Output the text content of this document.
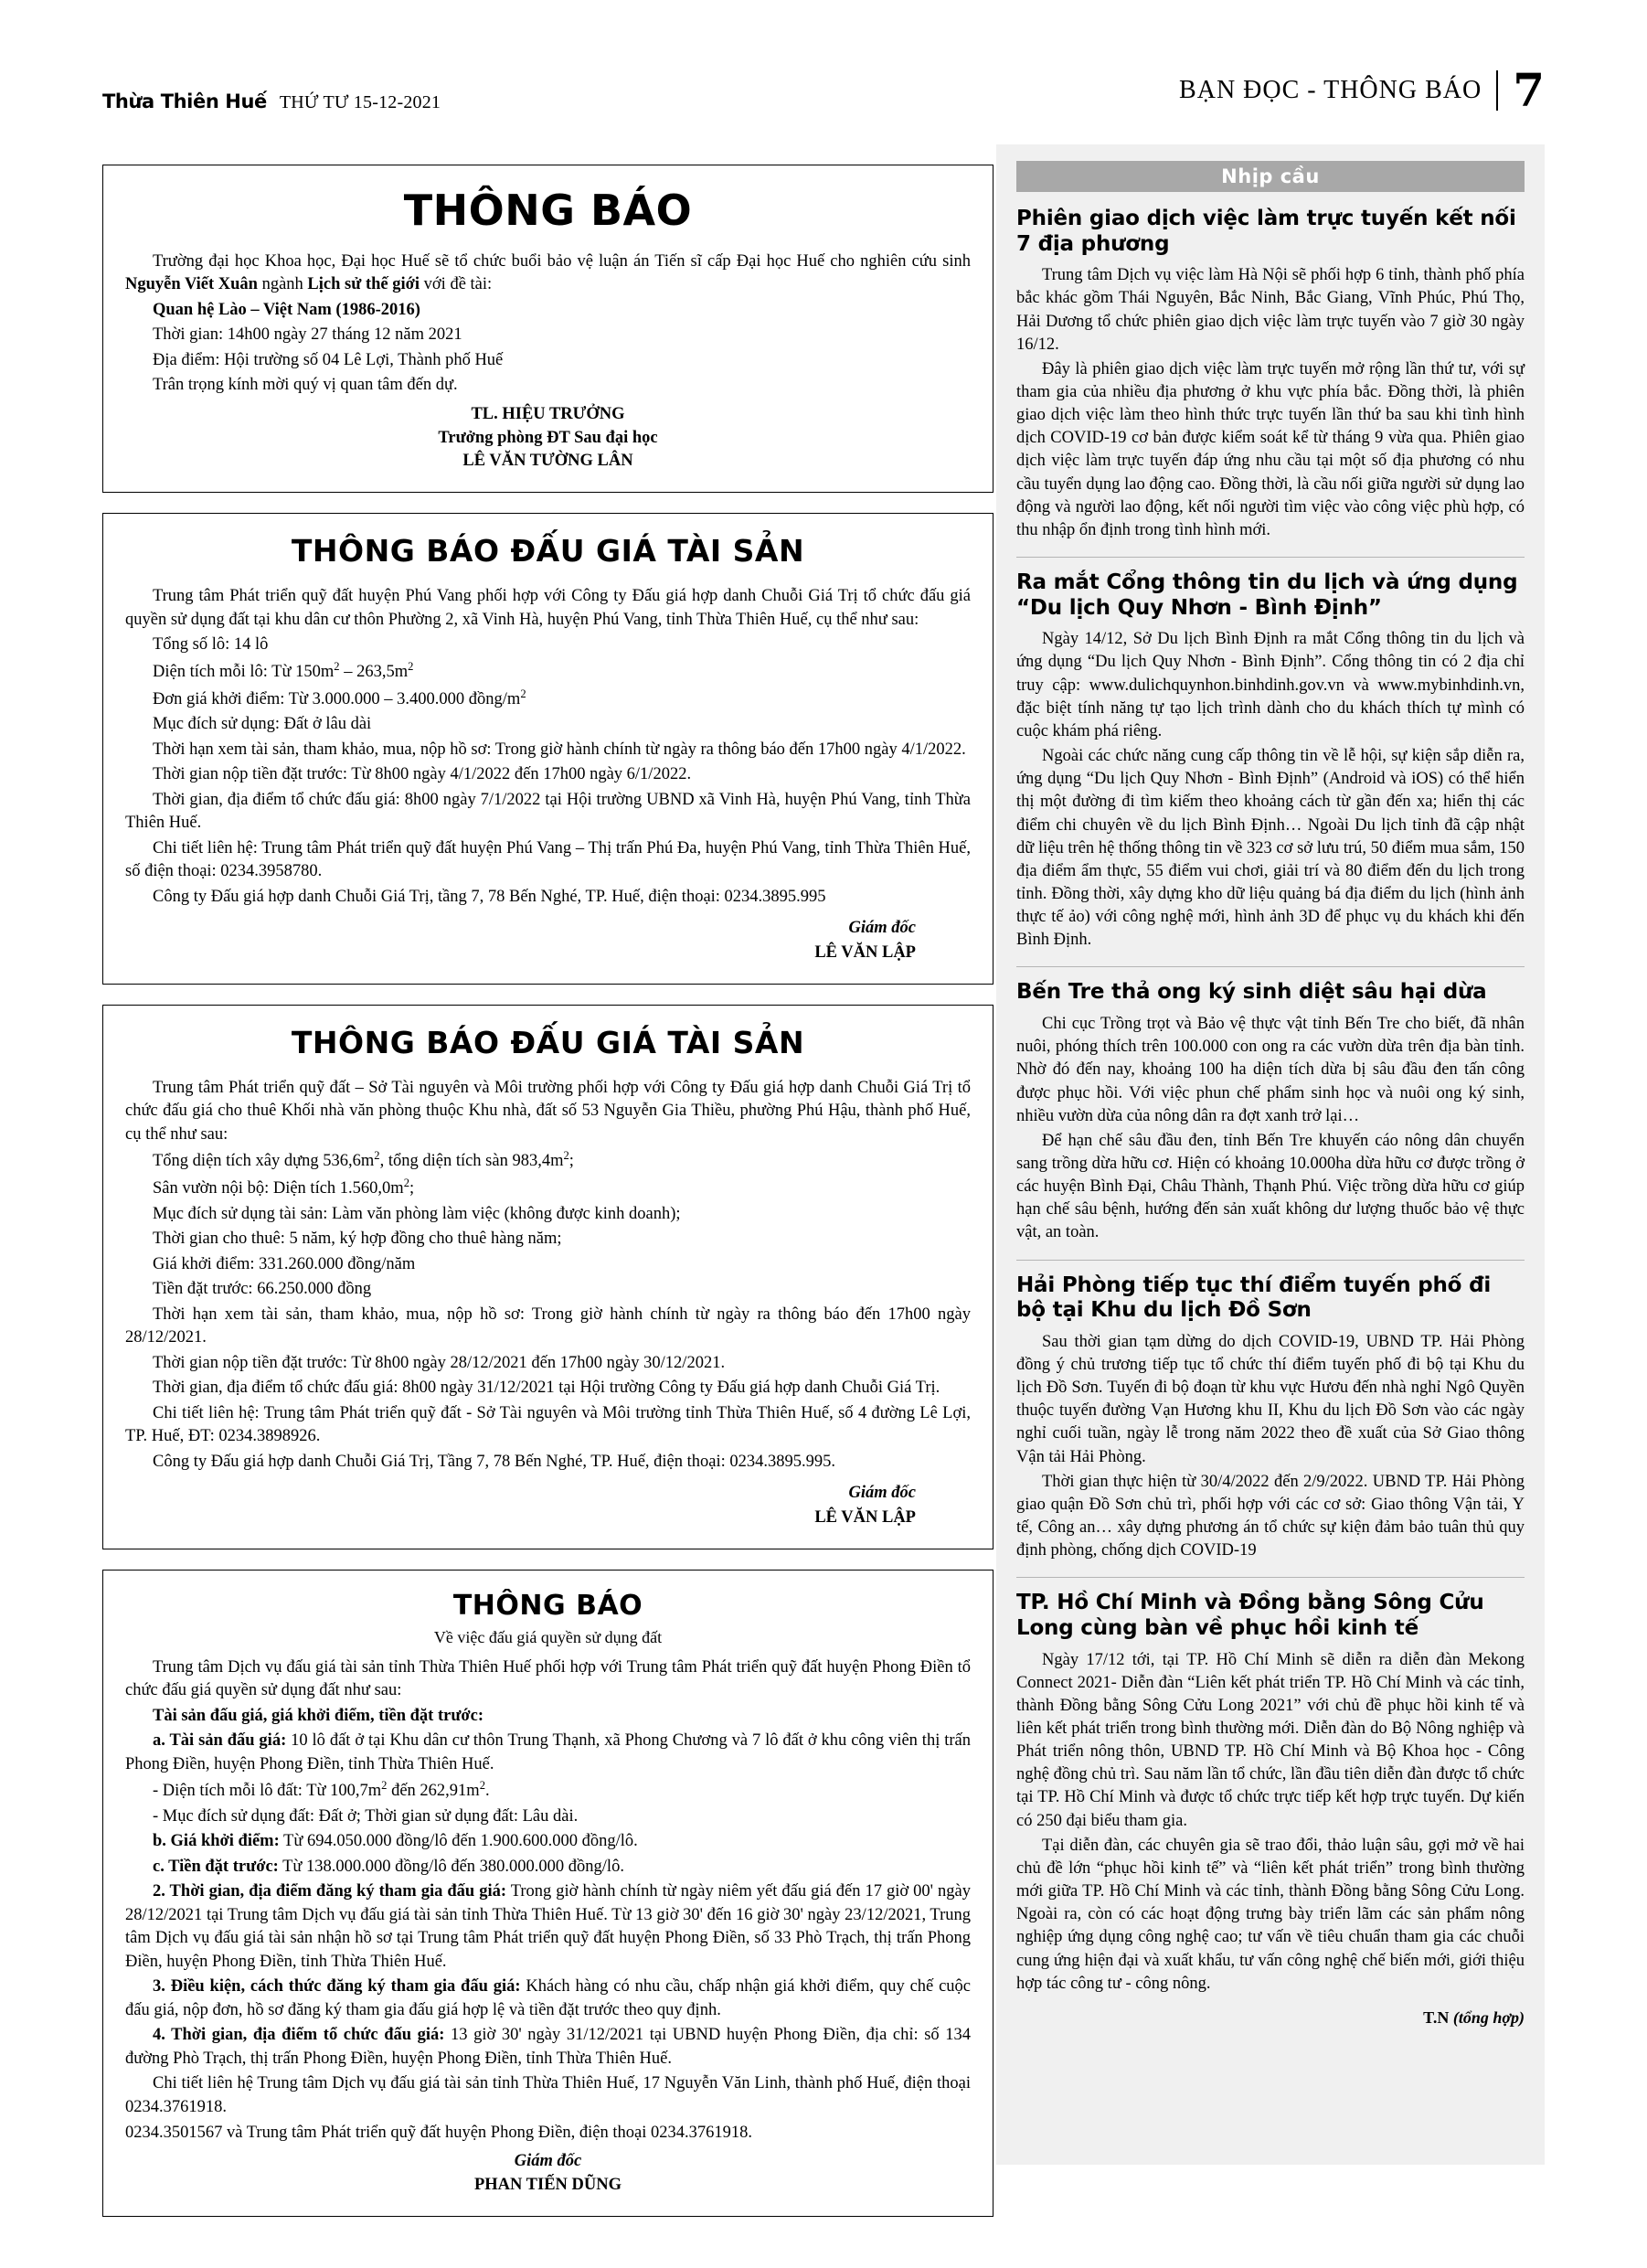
Thừa Thiên Huế THỨ TƯ 15-12-2021	BẠN ĐỌC - THÔNG BÁO 7
THÔNG BÁO

Trường đại học Khoa học, Đại học Huế sẽ tổ chức buổi bảo vệ luận án Tiến sĩ cấp Đại học Huế cho nghiên cứu sinh Nguyễn Viết Xuân ngành Lịch sử thế giới với đề tài:

Quan hệ Lào – Việt Nam (1986-2016)

Thời gian: 14h00 ngày 27 tháng 12 năm 2021

Địa điểm: Hội trường số 04 Lê Lợi, Thành phố Huế

Trân trọng kính mời quý vị quan tâm đến dự.

TL. HIỆU TRƯỞNG
Trưởng phòng ĐT Sau đại học
LÊ VĂN TƯỜNG LÂN
THÔNG BÁO ĐẤU GIÁ TÀI SẢN

Trung tâm Phát triển quỹ đất huyện Phú Vang phối hợp với Công ty Đấu giá hợp danh Chuỗi Giá Trị tổ chức đấu giá quyền sử dụng đất tại khu dân cư thôn Phường 2, xã Vinh Hà, huyện Phú Vang, tỉnh Thừa Thiên Huế, cụ thể như sau:

Tổng số lô: 14 lô

Diện tích mỗi lô: Từ $150m^2 - 263,5m^2$

Đơn giá khởi điểm: Từ 3.000.000 – 3.400.000 đồng/$m^2$

Mục đích sử dụng: Đất ở lâu dài

Thời hạn xem tài sản, tham khảo, mua, nộp hồ sơ: Trong giờ hành chính từ ngày ra thông báo đến 17h00 ngày 4/1/2022.

Thời gian nộp tiền đặt trước: Từ 8h00 ngày 4/1/2022 đến 17h00 ngày 6/1/2022.

Thời gian, địa điểm tổ chức đấu giá: 8h00 ngày 7/1/2022 tại Hội trường UBND xã Vinh Hà, huyện Phú Vang, tỉnh Thừa Thiên Huế.

Chi tiết liên hệ: Trung tâm Phát triển quỹ đất huyện Phú Vang – Thị trấn Phú Đa, huyện Phú Vang, tỉnh Thừa Thiên Huế, số điện thoại: 0234.3958780.

Công ty Đấu giá hợp danh Chuỗi Giá Trị, tầng 7, 78 Bến Nghé, TP. Huế, điện thoại: 0234.3895.995

Giám đốc
LÊ VĂN LẬP
THÔNG BÁO ĐẤU GIÁ TÀI SẢN

Trung tâm Phát triển quỹ đất – Sở Tài nguyên và Môi trường phối hợp với Công ty Đấu giá hợp danh Chuỗi Giá Trị tổ chức đấu giá cho thuê Khối nhà văn phòng thuộc Khu nhà, đất số 53 Nguyễn Gia Thiều, phường Phú Hậu, thành phố Huế, cụ thể như sau:

Tổng diện tích xây dựng $536,6m^2$, tổng diện tích sàn $983,4m^2$;

Sân vườn nội bộ: Diện tích $1.560,0m^2$;

Mục đích sử dụng tài sản: Làm văn phòng làm việc (không được kinh doanh);

Thời gian cho thuê: 5 năm, ký hợp đồng cho thuê hàng năm;

Giá khởi điểm: 331.260.000 đồng/năm

Tiền đặt trước: 66.250.000 đồng

Thời hạn xem tài sản, tham khảo, mua, nộp hồ sơ: Trong giờ hành chính từ ngày ra thông báo đến 17h00 ngày 28/12/2021.

Thời gian nộp tiền đặt trước: Từ 8h00 ngày 28/12/2021 đến 17h00 ngày 30/12/2021.

Thời gian, địa điểm tổ chức đấu giá: 8h00 ngày 31/12/2021 tại Hội trường Công ty Đấu giá hợp danh Chuỗi Giá Trị.

Chi tiết liên hệ: Trung tâm Phát triển quỹ đất - Sở Tài nguyên và Môi trường tỉnh Thừa Thiên Huế, số 4 đường Lê Lợi, TP. Huế, ĐT: 0234.3898926.

Công ty Đấu giá hợp danh Chuỗi Giá Trị, Tầng 7, 78 Bến Nghé, TP. Huế, điện thoại: 0234.3895.995.

Giám đốc
LÊ VĂN LẬP
THÔNG BÁO
Về việc đấu giá quyền sử dụng đất

Trung tâm Dịch vụ đấu giá tài sản tỉnh Thừa Thiên Huế phối hợp với Trung tâm Phát triển quỹ đất huyện Phong Điền tổ chức đấu giá quyền sử dụng đất như sau:

Tài sản đấu giá, giá khởi điểm, tiền đặt trước:

a. Tài sản đấu giá: 10 lô đất ở tại Khu dân cư thôn Trung Thạnh, xã Phong Chương và 7 lô đất ở khu công viên thị trấn Phong Điền, huyện Phong Điền, tỉnh Thừa Thiên Huế.

- Diện tích mỗi lô đất: Từ $100,7m^2$ đến $262,91m^2$.

- Mục đích sử dụng đất: Đất ở; Thời gian sử dụng đất: Lâu dài.

b. Giá khởi điểm: Từ 694.050.000 đồng/lô đến 1.900.600.000 đồng/lô.

c. Tiền đặt trước: Từ 138.000.000 đồng/lô đến 380.000.000 đồng/lô.

2. Thời gian, địa điểm đăng ký tham gia đấu giá: Trong giờ hành chính từ ngày niêm yết đấu giá đến 17 giờ 00' ngày 28/12/2021 tại Trung tâm Dịch vụ đấu giá tài sản tỉnh Thừa Thiên Huế. Từ 13 giờ 30' đến 16 giờ 30' ngày 23/12/2021, Trung tâm Dịch vụ đấu giá tài sản nhận hồ sơ tại Trung tâm Phát triển quỹ đất huyện Phong Điền, số 33 Phò Trạch, thị trấn Phong Điền, huyện Phong Điền, tỉnh Thừa Thiên Huế.

3. Điều kiện, cách thức đăng ký tham gia đấu giá: Khách hàng có nhu cầu, chấp nhận giá khởi điểm, quy chế cuộc đấu giá, nộp đơn, hồ sơ đăng ký tham gia đấu giá hợp lệ và tiền đặt trước theo quy định.

4. Thời gian, địa điểm tổ chức đấu giá: 13 giờ 30' ngày 31/12/2021 tại UBND huyện Phong Điền, địa chỉ: số 134 đường Phò Trạch, thị trấn Phong Điền, huyện Phong Điền, tỉnh Thừa Thiên Huế.

Chi tiết liên hệ Trung tâm Dịch vụ đấu giá tài sản tỉnh Thừa Thiên Huế, 17 Nguyễn Văn Linh, thành phố Huế, điện thoại 0234.3761918.

0234.3501567 và Trung tâm Phát triển quỹ đất huyện Phong Điền, điện thoại 0234.3761918.

Giám đốc
PHAN TIẾN DŨNG
Nhịp cầu
Phiên giao dịch việc làm trực tuyến kết nối 7 địa phương

Trung tâm Dịch vụ việc làm Hà Nội sẽ phối hợp 6 tỉnh, thành phố phía bắc khác gồm Thái Nguyên, Bắc Ninh, Bắc Giang, Vĩnh Phúc, Phú Thọ, Hải Dương tổ chức phiên giao dịch việc làm trực tuyến vào 7 giờ 30 ngày 16/12.

Đây là phiên giao dịch việc làm trực tuyến mở rộng lần thứ tư, với sự tham gia của nhiều địa phương ở khu vực phía bắc. Đồng thời, là phiên giao dịch việc làm theo hình thức trực tuyến lần thứ ba sau khi tình hình dịch COVID-19 cơ bản được kiểm soát kể từ tháng 9 vừa qua. Phiên giao dịch việc làm trực tuyến đáp ứng nhu cầu tại một số địa phương có nhu cầu tuyển dụng lao động cao. Đồng thời, là cầu nối giữa người sử dụng lao động và người lao động, kết nối người tìm việc vào công việc phù hợp, có thu nhập ổn định trong tình hình mới.

Ra mắt Cổng thông tin du lịch và ứng dụng “Du lịch Quy Nhơn - Bình Định”

Ngày 14/12, Sở Du lịch Bình Định ra mắt Cổng thông tin du lịch và ứng dụng “Du lịch Quy Nhơn - Bình Định”. Cổng thông tin có 2 địa chỉ truy cập: www.dulichquynhon.binhdinh.gov.vn và www.mybinhdinh.vn, đặc biệt tính năng tự tạo lịch trình dành cho du khách thích tự mình có cuộc khám phá riêng.

Ngoài các chức năng cung cấp thông tin về lễ hội, sự kiện sắp diễn ra, ứng dụng “Du lịch Quy Nhơn - Bình Định” (Android và iOS) có thể hiển thị một đường đi tìm kiếm theo khoảng cách từ gần đến xa; hiển thị các điểm chi chuyên về du lịch Bình Định… Ngoài Du lịch tỉnh đã cập nhật dữ liệu trên hệ thống thông tin về 323 cơ sở lưu trú, 50 điểm mua sắm, 150 địa điểm ẩm thực, 55 điểm vui chơi, giải trí và 80 điểm đến du lịch trong tỉnh. Đồng thời, xây dựng kho dữ liệu quảng bá địa điểm du lịch (hình ảnh thực tế ảo) với công nghệ mới, hình ảnh 3D để phục vụ du khách khi đến Bình Định.

Bến Tre thả ong ký sinh diệt sâu hại dừa

Chi cục Trồng trọt và Bảo vệ thực vật tỉnh Bến Tre cho biết, đã nhân nuôi, phóng thích trên 100.000 con ong ra các vườn dừa trên địa bàn tỉnh. Nhờ đó đến nay, khoảng 100 ha diện tích dừa bị sâu đầu đen tấn công được phục hồi. Với việc phun chế phẩm sinh học và nuôi ong ký sinh, nhiều vườn dừa của nông dân ra đợt xanh trở lại…

Để hạn chế sâu đầu đen, tỉnh Bến Tre khuyến cáo nông dân chuyển sang trồng dừa hữu cơ. Hiện có khoảng 10.000ha dừa hữu cơ được trồng ở các huyện Bình Đại, Châu Thành, Thạnh Phú. Việc trồng dừa hữu cơ giúp hạn chế sâu bệnh, hướng đến sản xuất không dư lượng thuốc bảo vệ thực vật, an toàn.

Hải Phòng tiếp tục thí điểm tuyến phố đi bộ tại Khu du lịch Đồ Sơn

Sau thời gian tạm dừng do dịch COVID-19, UBND TP. Hải Phòng đồng ý chủ trương tiếp tục tổ chức thí điểm tuyến phố đi bộ tại Khu du lịch Đồ Sơn. Tuyến đi bộ đoạn từ khu vực Hươu đến nhà nghỉ Ngô Quyền thuộc tuyến đường Vạn Hương khu II, Khu du lịch Đồ Sơn vào các ngày nghỉ cuối tuần, ngày lễ trong năm 2022 theo đề xuất của Sở Giao thông Vận tải Hải Phòng.

Thời gian thực hiện từ 30/4/2022 đến 2/9/2022. UBND TP. Hải Phòng giao quận Đồ Sơn chủ trì, phối hợp với các cơ sở: Giao thông Vận tải, Y tế, Công an… xây dựng phương án tổ chức sự kiện đảm bảo tuân thủ quy định phòng, chống dịch COVID-19

TP. Hồ Chí Minh và Đồng bằng Sông Cửu Long cùng bàn về phục hồi kinh tế

Ngày 17/12 tới, tại TP. Hồ Chí Minh sẽ diễn ra diễn đàn Mekong Connect 2021- Diễn đàn “Liên kết phát triển TP. Hồ Chí Minh và các tỉnh, thành Đồng bằng Sông Cửu Long 2021” với chủ đề phục hồi kinh tế và liên kết phát triển trong bình thường mới. Diễn đàn do Bộ Nông nghiệp và Phát triển nông thôn, UBND TP. Hồ Chí Minh và Bộ Khoa học - Công nghệ đồng chủ trì. Sau năm lần tổ chức, lần đầu tiên diễn đàn được tổ chức tại TP. Hồ Chí Minh và được tổ chức trực tiếp kết hợp trực tuyến. Dự kiến có 250 đại biểu tham gia.

Tại diễn đàn, các chuyên gia sẽ trao đổi, thảo luận sâu, gợi mở về hai chủ đề lớn “phục hồi kinh tế” và “liên kết phát triển” trong bình thường mới giữa TP. Hồ Chí Minh và các tỉnh, thành Đồng bằng Sông Cửu Long. Ngoài ra, còn có các hoạt động trưng bày triển lãm các sản phẩm nông nghiệp ứng dụng công nghệ cao; tư vấn về tiêu chuẩn tham gia các chuỗi cung ứng hiện đại và xuất khẩu, tư vấn công nghệ chế biến mới, giới thiệu hợp tác công tư - công nông.

T.N (tổng hợp)
